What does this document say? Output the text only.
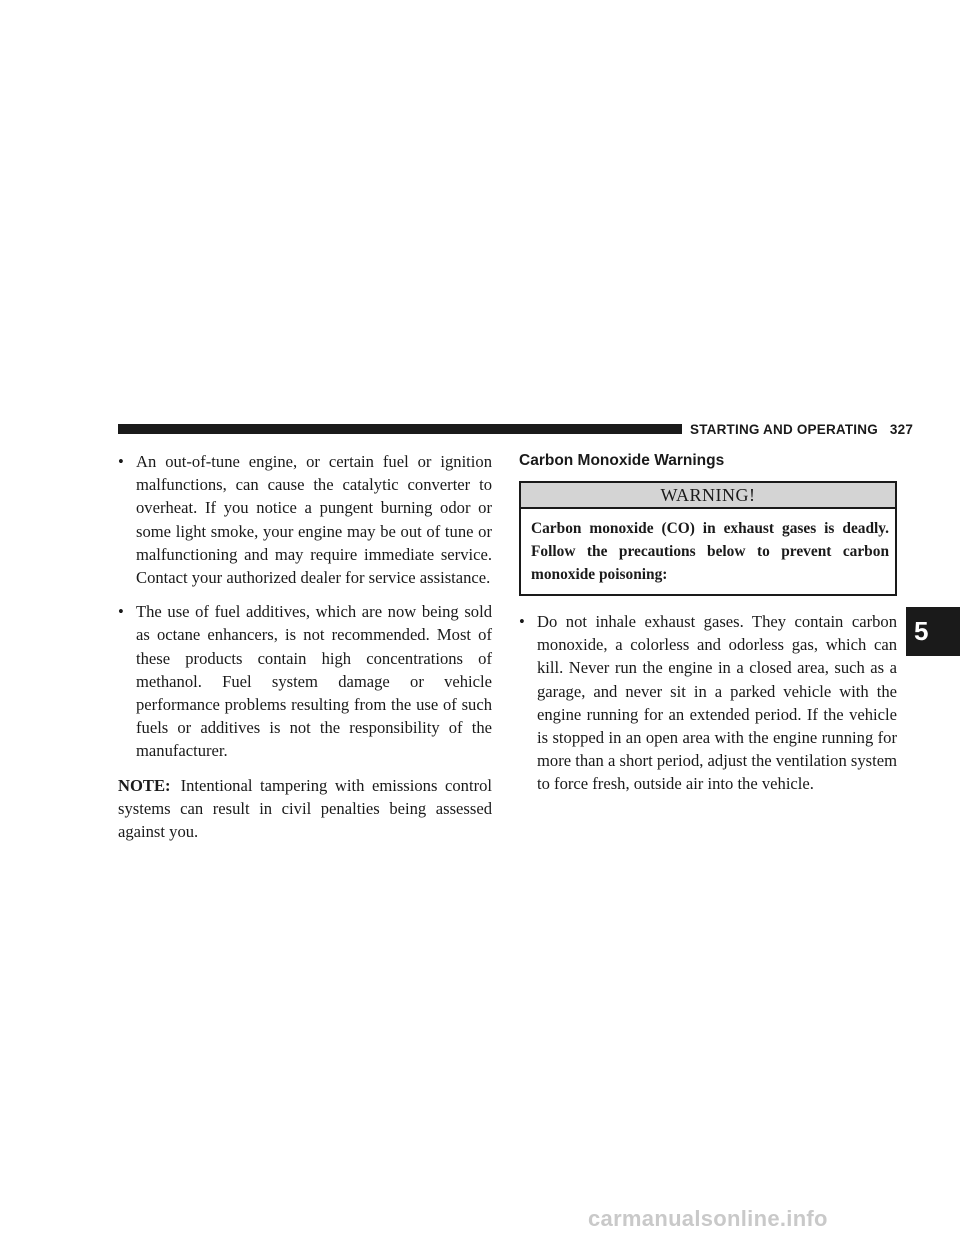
STARTING AND OPERATING 327
• An out-of-tune engine, or certain fuel or ignition malfunctions, can cause the catalytic converter to overheat. If you notice a pungent burning odor or some light smoke, your engine may be out of tune or malfunctioning and may require immediate service. Contact your authorized dealer for service assistance.
• The use of fuel additives, which are now being sold as octane enhancers, is not recommended. Most of these products contain high concentrations of methanol. Fuel system damage or vehicle performance problems resulting from the use of such fuels or additives is not the responsibility of the manufacturer.
NOTE: Intentional tampering with emissions control systems can result in civil penalties being assessed against you.
Carbon Monoxide Warnings
WARNING!
Carbon monoxide (CO) in exhaust gases is deadly. Follow the precautions below to prevent carbon monoxide poisoning:
• Do not inhale exhaust gases. They contain carbon monoxide, a colorless and odorless gas, which can kill. Never run the engine in a closed area, such as a garage, and never sit in a parked vehicle with the engine running for an extended period. If the vehicle is stopped in an open area with the engine running for more than a short period, adjust the ventilation system to force fresh, outside air into the vehicle.
5
carmanualsonline.info
